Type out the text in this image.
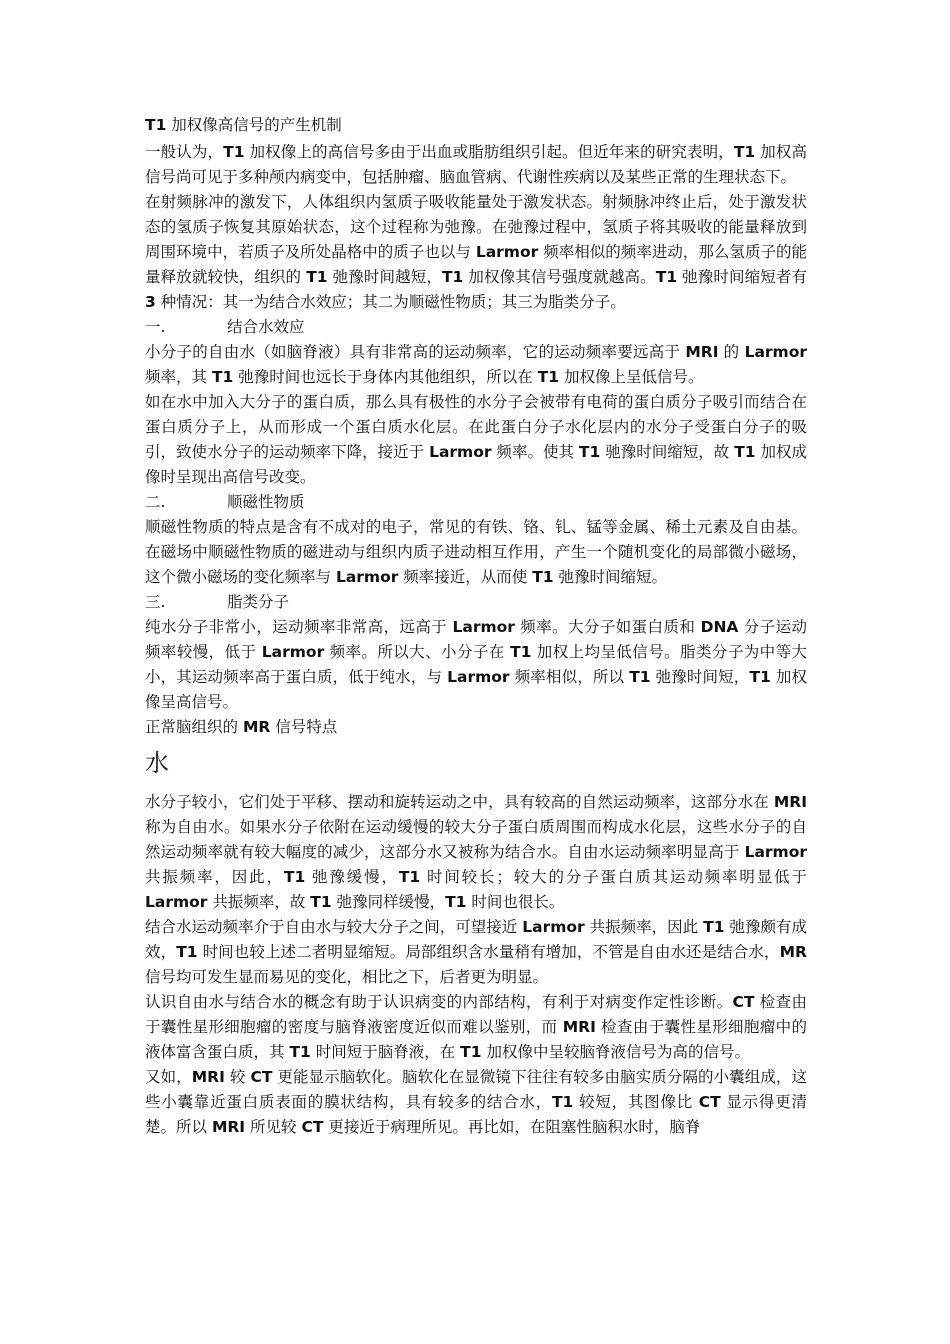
T1 加权像高信号的产生机制

一般认为，T1 加权像上的高信号多由于出血或脂肪组织引起。但近年来的研究表明，T1 加权高信号尚可见于多种颅内病变中，包括肿瘤、脑血管病、代谢性疾病以及某些正常的生理状态下。

在射频脉冲的激发下，人体组织内氢质子吸收能量处于激发状态。射频脉冲终止后，处于激发状态的氢质子恢复其原始状态，这个过程称为弛豫。在弛豫过程中，氢质子将其吸收的能量释放到周围环境中，若质子及所处晶格中的质子也以与 Larmor 频率相似的频率进动，那么氢质子的能量释放就较快，组织的 T1 弛豫时间越短，T1 加权像其信号强度就越高。T1 弛豫时间缩短者有 3 种情况：其一为结合水效应；其二为顺磁性物质；其三为脂类分子。

一.	结合水效应

小分子的自由水（如脑脊液）具有非常高的运动频率，它的运动频率要远高于 MRI 的 Larmor 频率，其 T1 弛豫时间也远长于身体内其他组织，所以在 T1 加权像上呈低信号。

如在水中加入大分子的蛋白质，那么具有极性的水分子会被带有电荷的蛋白质分子吸引而结合在蛋白质分子上，从而形成一个蛋白质水化层。在此蛋白分子水化层内的水分子受蛋白分子的吸引，致使水分子的运动频率下降，接近于 Larmor 频率。使其 T1 驰豫时间缩短，故 T1 加权成像时呈现出高信号改变。

二.	顺磁性物质

顺磁性物质的特点是含有不成对的电子，常见的有铁、铬、钆、锰等金属、稀土元素及自由基。在磁场中顺磁性物质的磁进动与组织内质子进动相互作用，产生一个随机变化的局部微小磁场，这个微小磁场的变化频率与 Larmor 频率接近，从而使 T1 弛豫时间缩短。

三.	脂类分子

纯水分子非常小，运动频率非常高，远高于 Larmor 频率。大分子如蛋白质和 DNA 分子运动频率较慢，低于 Larmor 频率。所以大、小分子在 T1 加权上均呈低信号。脂类分子为中等大小，其运动频率高于蛋白质，低于纯水，与 Larmor 频率相似，所以 T1 弛豫时间短，T1 加权像呈高信号。

正常脑组织的 MR 信号特点

水

水分子较小，它们处于平移、摆动和旋转运动之中，具有较高的自然运动频率，这部分水在 MRI 称为自由水。如果水分子依附在运动缓慢的较大分子蛋白质周围而构成水化层，这些水分子的自然运动频率就有较大幅度的减少，这部分水又被称为结合水。自由水运动频率明显高于 Larmor 共振频率，因此，T1 弛豫缓慢，T1 时间较长；较大的分子蛋白质其运动频率明显低于 Larmor 共振频率，故 T1 弛豫同样缓慢，T1 时间也很长。

结合水运动频率介于自由水与较大分子之间，可望接近 Larmor 共振频率，因此 T1 弛豫颇有成效，T1 时间也较上述二者明显缩短。局部组织含水量稍有增加，不管是自由水还是结合水，MR 信号均可发生显而易见的变化，相比之下，后者更为明显。

认识自由水与结合水的概念有助于认识病变的内部结构，有利于对病变作定性诊断。CT 检查由于囊性星形细胞瘤的密度与脑脊液密度近似而难以鉴别，而 MRI 检查由于囊性星形细胞瘤中的液体富含蛋白质，其 T1 时间短于脑脊液，在 T1 加权像中呈较脑脊液信号为高的信号。

又如，MRI 较 CT 更能显示脑软化。脑软化在显微镜下往往有较多由脑实质分隔的小囊组成，这些小囊靠近蛋白质表面的膜状结构，具有较多的结合水，T1 较短，其图像比 CT 显示得更清楚。所以 MRI 所见较 CT 更接近于病理所见。再比如，在阻塞性脑积水时，脑脊
